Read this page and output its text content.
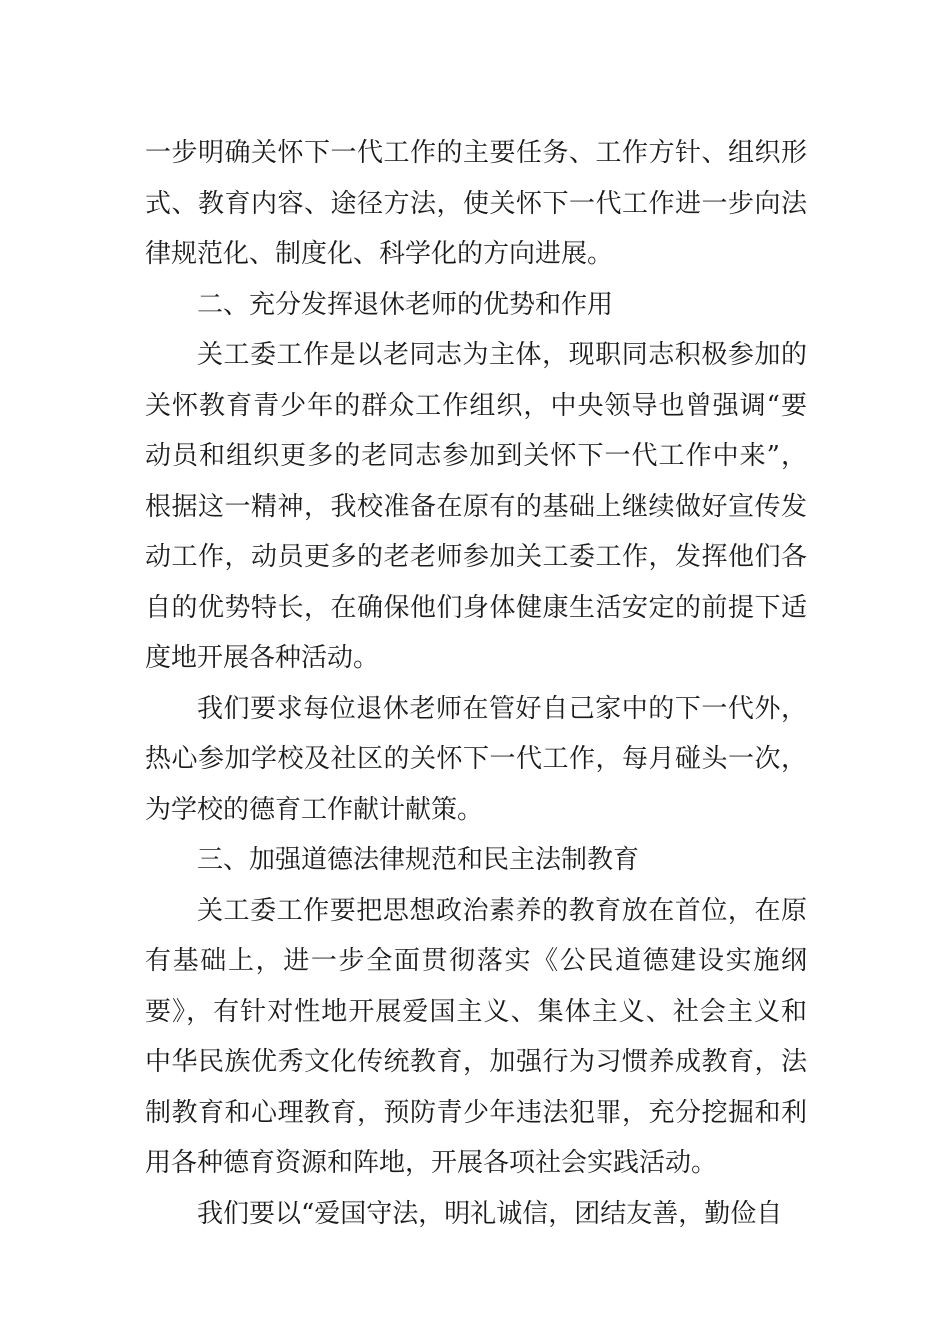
一步明确关怀下一代工作的主要任务、工作方针、组织形式、教育内容、途径方法，使关怀下一代工作进一步向法律规范化、制度化、科学化的方向进展。

二、充分发挥退休老师的优势和作用

关工委工作是以老同志为主体，现职同志积极参加的关怀教育青少年的群众工作组织，中央领导也曾强调“要动员和组织更多的老同志参加到关怀下一代工作中来”，根据这一精神，我校准备在原有的基础上继续做好宣传发动工作，动员更多的老老师参加关工委工作，发挥他们各自的优势特长，在确保他们身体健康生活安定的前提下适度地开展各种活动。

我们要求每位退休老师在管好自己家中的下一代外，热心参加学校及社区的关怀下一代工作，每月碰头一次，为学校的德育工作献计献策。

三、加强道德法律规范和民主法制教育

关工委工作要把思想政治素养的教育放在首位，在原有基础上，进一步全面贯彻落实《公民道德建设实施纲要》，有针对性地开展爱国主义、集体主义、社会主义和中华民族优秀文化传统教育，加强行为习惯养成教育，法制教育和心理教育，预防青少年违法犯罪，充分挖掘和利用各种德育资源和阵地，开展各项社会实践活动。

我们要以“爱国守法，明礼诚信，团结友善，勤俭自
